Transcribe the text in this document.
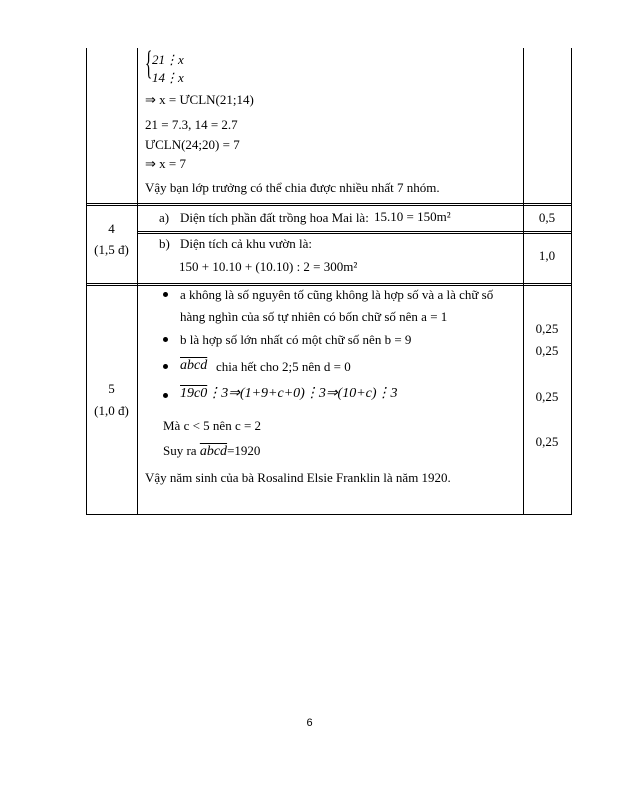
{ 21⋮x
14⋮x
⇒ x = ƯCLN(21;14)
21 = 7.3, 14 = 2.7
ƯCLN(24;20) = 7
⇒ x = 7
Vậy bạn lớp trưởng có thể chia được nhiều nhất 7 nhóm.
4
(1,5 đ)
a) Diện tích phần đất trồng hoa Mai là: 15.10 = 150m²	0,5
b) Diện tích cả khu vườn là:
150 + 10.10 + (10.10) : 2 = 300m²
1,0
5
(1,0 đ)
a không là số nguyên tố cũng không là hợp số và a là chữ số
hàng nghìn của số tự nhiên có bốn chữ số nên a = 1
b là hợp số lớn nhất có một chữ số nên b = 9
abcd chia hết cho 2;5 nên d = 0
19c0⋮3⇒(1+9+c+0)⋮3⇒(10+c)⋮3
Mà c < 5 nên c = 2
Suy ra abcd=1920
Vậy năm sinh của bà Rosalind Elsie Franklin là năm 1920.
0,25
0,25
0,25
0,25
6
